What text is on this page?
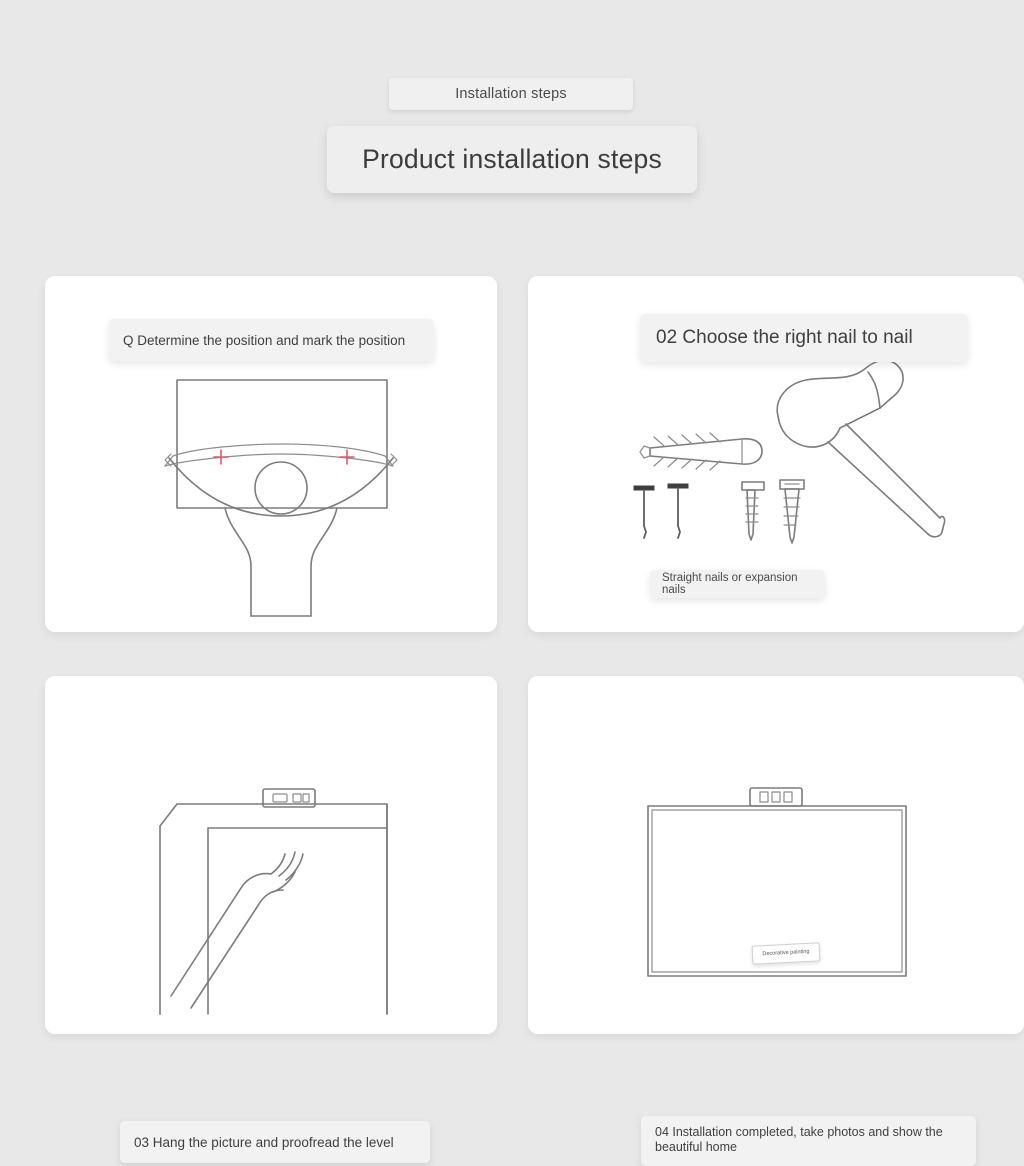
Installation steps
Product installation steps
Q Determine the position and mark the position	02 Choose the right nail to nail
Straight nails or expansion nails
03 Hang the picture and proofread the level
Decorative painting
04 Installation completed, take photos and show the beautiful home
